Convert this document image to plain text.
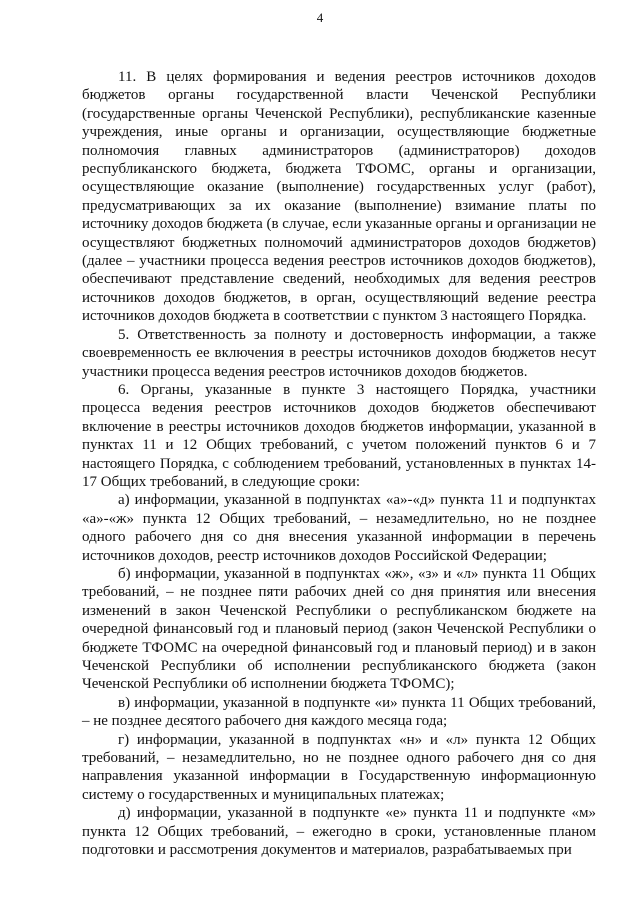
4

11. В целях формирования и ведения реестров источников доходов бюджетов органы государственной власти Чеченской Республики (государственные органы Чеченской Республики), республиканские казенные учреждения, иные органы и организации, осуществляющие бюджетные полномочия главных администраторов (администраторов) доходов республиканского бюджета, бюджета ТФОМС, органы и организации, осуществляющие оказание (выполнение) государственных услуг (работ), предусматривающих за их оказание (выполнение) взимание платы по источнику доходов бюджета (в случае, если указанные органы и организации не осуществляют бюджетных полномочий администраторов доходов бюджетов) (далее – участники процесса ведения реестров источников доходов бюджетов), обеспечивают представление сведений, необходимых для ведения реестров источников доходов бюджетов, в орган, осуществляющий ведение реестра источников доходов бюджета в соответствии с пунктом 3 настоящего Порядка.

5. Ответственность за полноту и достоверность информации, а также своевременность ее включения в реестры источников доходов бюджетов несут участники процесса ведения реестров источников доходов бюджетов.

6. Органы, указанные в пункте 3 настоящего Порядка, участники процесса ведения реестров источников доходов бюджетов обеспечивают включение в реестры источников доходов бюджетов информации, указанной в пунктах 11 и 12 Общих требований, с учетом положений пунктов 6 и 7 настоящего Порядка, с соблюдением требований, установленных в пунктах 14-17 Общих требований, в следующие сроки:

а) информации, указанной в подпунктах «а»-«д» пункта 11 и подпунктах «а»-«ж» пункта 12 Общих требований, – незамедлительно, но не позднее одного рабочего дня со дня внесения указанной информации в перечень источников доходов, реестр источников доходов Российской Федерации;

б) информации, указанной в подпунктах «ж», «з» и «л» пункта 11 Общих требований, – не позднее пяти рабочих дней со дня принятия или внесения изменений в закон Чеченской Республики о республиканском бюджете на очередной финансовый год и плановый период (закон Чеченской Республики о бюджете ТФОМС на очередной финансовый год и плановый период) и в закон Чеченской Республики об исполнении республиканского бюджета (закон Чеченской Республики об исполнении бюджета ТФОМС);

в) информации, указанной в подпункте «и» пункта 11 Общих требований, – не позднее десятого рабочего дня каждого месяца года;

г) информации, указанной в подпунктах «н» и «л» пункта 12 Общих требований, – незамедлительно, но не позднее одного рабочего дня со дня направления указанной информации в Государственную информационную систему о государственных и муниципальных платежах;

д) информации, указанной в подпункте «е» пункта 11 и подпункте «м» пункта 12 Общих требований, – ежегодно в сроки, установленные планом подготовки и рассмотрения документов и материалов, разрабатываемых при
